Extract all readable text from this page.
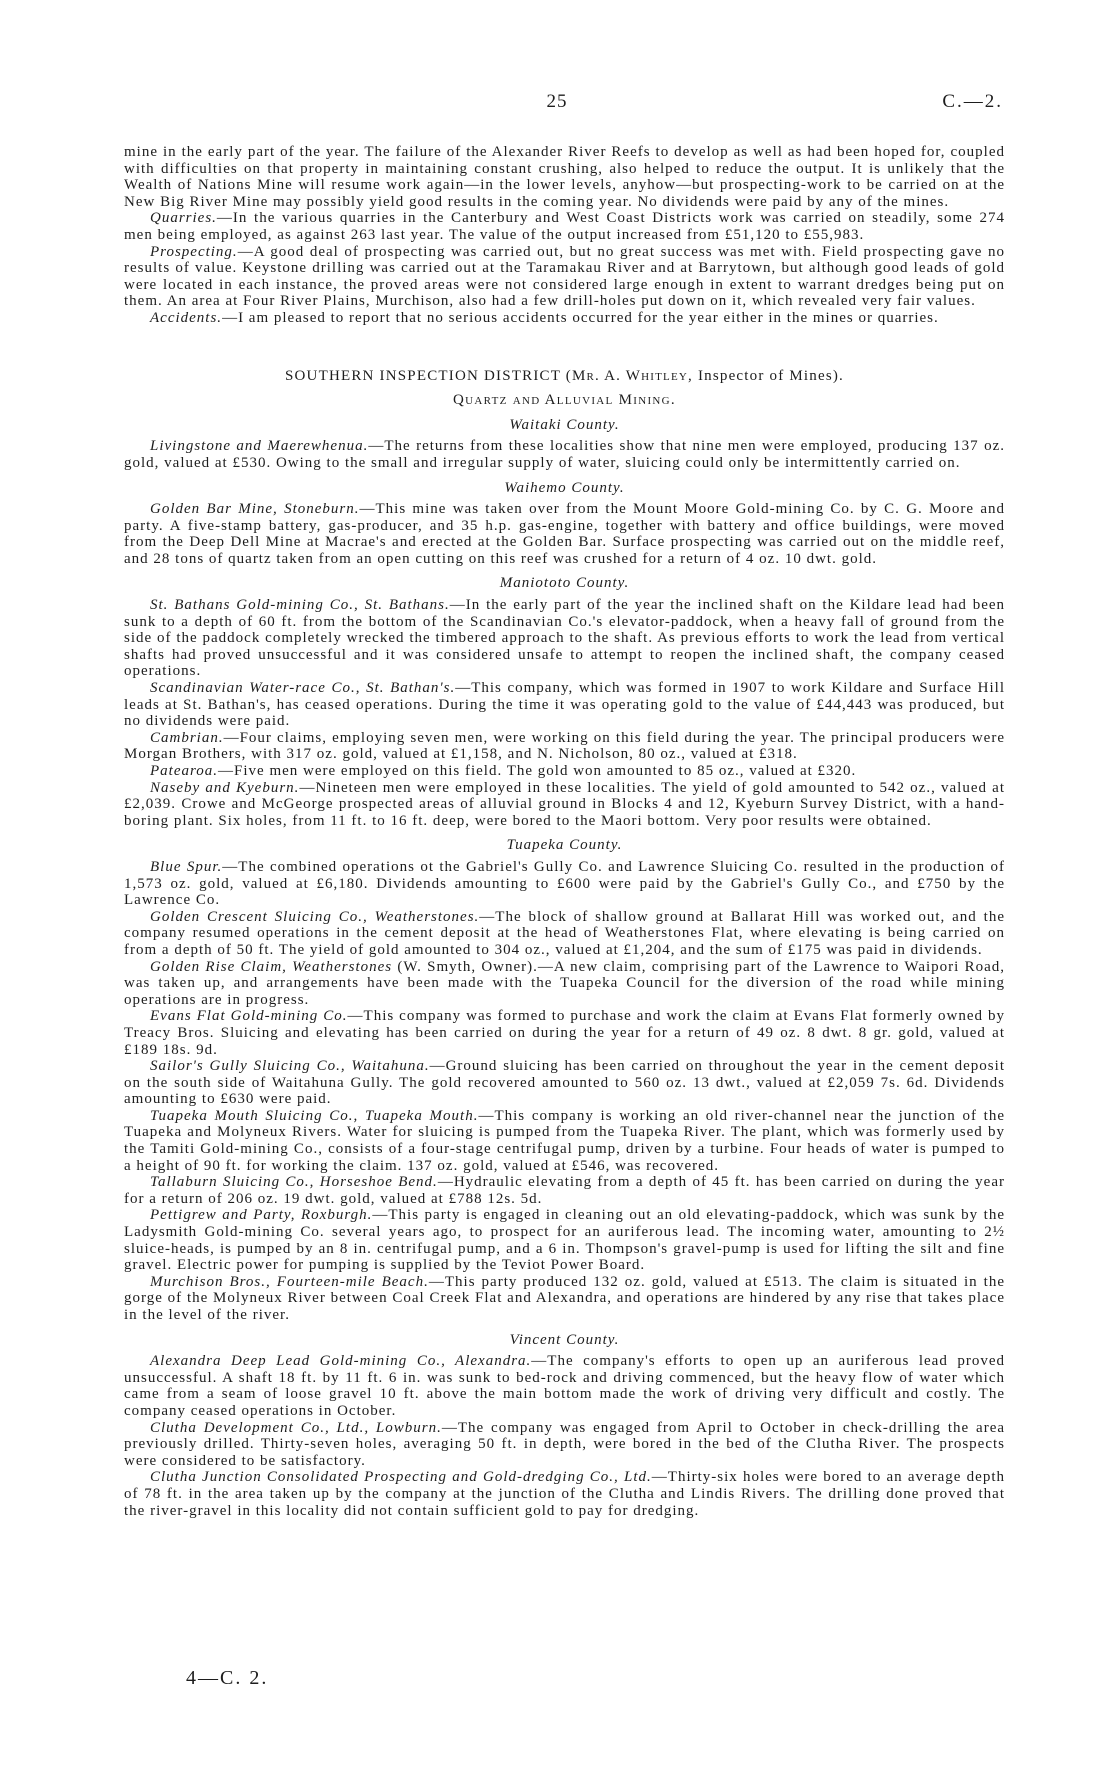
25	C.—2.

mine in the early part of the year. The failure of the Alexander River Reefs to develop as well as had been hoped for, coupled with difficulties on that property in maintaining constant crushing, also helped to reduce the output. It is unlikely that the Wealth of Nations Mine will resume work again—in the lower levels, anyhow—but prospecting-work to be carried on at the New Big River Mine may possibly yield good results in the coming year. No dividends were paid by any of the mines.

Quarries.—In the various quarries in the Canterbury and West Coast Districts work was carried on steadily, some 274 men being employed, as against 263 last year. The value of the output increased from £51,120 to £55,983.

Prospecting.—A good deal of prospecting was carried out, but no great success was met with. Field prospecting gave no results of value. Keystone drilling was carried out at the Taramakau River and at Barrytown, but although good leads of gold were located in each instance, the proved areas were not considered large enough in extent to warrant dredges being put on them. An area at Four River Plains, Murchison, also had a few drill-holes put down on it, which revealed very fair values.

Accidents.—I am pleased to report that no serious accidents occurred for the year either in the mines or quarries.

SOUTHERN INSPECTION DISTRICT (Mr. A. Whitley, Inspector of Mines).
Quartz and Alluvial Mining.
Waitaki County.

Livingstone and Maerewhenua.—The returns from these localities show that nine men were employed, producing 137 oz. gold, valued at £530. Owing to the small and irregular supply of water, sluicing could only be intermittently carried on.

Waihemo County.

Golden Bar Mine, Stoneburn.—This mine was taken over from the Mount Moore Gold-mining Co. by C. G. Moore and party. A five-stamp battery, gas-producer, and 35 h.p. gas-engine, together with battery and office buildings, were moved from the Deep Dell Mine at Macrae's and erected at the Golden Bar. Surface prospecting was carried out on the middle reef, and 28 tons of quartz taken from an open cutting on this reef was crushed for a return of 4 oz. 10 dwt. gold.

Maniototo County.

St. Bathans Gold-mining Co., St. Bathans.—In the early part of the year the inclined shaft on the Kildare lead had been sunk to a depth of 60 ft. from the bottom of the Scandinavian Co.'s elevator-paddock, when a heavy fall of ground from the side of the paddock completely wrecked the timbered approach to the shaft. As previous efforts to work the lead from vertical shafts had proved unsuccessful and it was considered unsafe to attempt to reopen the inclined shaft, the company ceased operations.

Scandinavian Water-race Co., St. Bathan's.—This company, which was formed in 1907 to work Kildare and Surface Hill leads at St. Bathan's, has ceased operations. During the time it was operating gold to the value of £44,443 was produced, but no dividends were paid.

Cambrian.—Four claims, employing seven men, were working on this field during the year. The principal producers were Morgan Brothers, with 317 oz. gold, valued at £1,158, and N. Nicholson, 80 oz., valued at £318.

Patearoa.—Five men were employed on this field. The gold won amounted to 85 oz., valued at £320.

Naseby and Kyeburn.—Nineteen men were employed in these localities. The yield of gold amounted to 542 oz., valued at £2,039. Crowe and McGeorge prospected areas of alluvial ground in Blocks 4 and 12, Kyeburn Survey District, with a hand-boring plant. Six holes, from 11 ft. to 16 ft. deep, were bored to the Maori bottom. Very poor results were obtained.

Tuapeka County.

Blue Spur.—The combined operations ot the Gabriel's Gully Co. and Lawrence Sluicing Co. resulted in the production of 1,573 oz. gold, valued at £6,180. Dividends amounting to £600 were paid by the Gabriel's Gully Co., and £750 by the Lawrence Co.

Golden Crescent Sluicing Co., Weatherstones.—The block of shallow ground at Ballarat Hill was worked out, and the company resumed operations in the cement deposit at the head of Weatherstones Flat, where elevating is being carried on from a depth of 50 ft. The yield of gold amounted to 304 oz., valued at £1,204, and the sum of £175 was paid in dividends.

Golden Rise Claim, Weatherstones (W. Smyth, Owner).—A new claim, comprising part of the Lawrence to Waipori Road, was taken up, and arrangements have been made with the Tuapeka Council for the diversion of the road while mining operations are in progress.

Evans Flat Gold-mining Co.—This company was formed to purchase and work the claim at Evans Flat formerly owned by Treacy Bros. Sluicing and elevating has been carried on during the year for a return of 49 oz. 8 dwt. 8 gr. gold, valued at £189 18s. 9d.

Sailor's Gully Sluicing Co., Waitahuna.—Ground sluicing has been carried on throughout the year in the cement deposit on the south side of Waitahuna Gully. The gold recovered amounted to 560 oz. 13 dwt., valued at £2,059 7s. 6d. Dividends amounting to £630 were paid.

Tuapeka Mouth Sluicing Co., Tuapeka Mouth.—This company is working an old river-channel near the junction of the Tuapeka and Molyneux Rivers. Water for sluicing is pumped from the Tuapeka River. The plant, which was formerly used by the Tamiti Gold-mining Co., consists of a four-stage centrifugal pump, driven by a turbine. Four heads of water is pumped to a height of 90 ft. for working the claim. 137 oz. gold, valued at £546, was recovered.

Tallaburn Sluicing Co., Horseshoe Bend.—Hydraulic elevating from a depth of 45 ft. has been carried on during the year for a return of 206 oz. 19 dwt. gold, valued at £788 12s. 5d.

Pettigrew and Party, Roxburgh.—This party is engaged in cleaning out an old elevating-paddock, which was sunk by the Ladysmith Gold-mining Co. several years ago, to prospect for an auriferous lead. The incoming water, amounting to 2½ sluice-heads, is pumped by an 8 in. centrifugal pump, and a 6 in. Thompson's gravel-pump is used for lifting the silt and fine gravel. Electric power for pumping is supplied by the Teviot Power Board.

Murchison Bros., Fourteen-mile Beach.—This party produced 132 oz. gold, valued at £513. The claim is situated in the gorge of the Molyneux River between Coal Creek Flat and Alexandra, and operations are hindered by any rise that takes place in the level of the river.

Vincent County.

Alexandra Deep Lead Gold-mining Co., Alexandra.—The company's efforts to open up an auriferous lead proved unsuccessful. A shaft 18 ft. by 11 ft. 6 in. was sunk to bed-rock and driving commenced, but the heavy flow of water which came from a seam of loose gravel 10 ft. above the main bottom made the work of driving very difficult and costly. The company ceased operations in October.

Clutha Development Co., Ltd., Lowburn.—The company was engaged from April to October in check-drilling the area previously drilled. Thirty-seven holes, averaging 50 ft. in depth, were bored in the bed of the Clutha River. The prospects were considered to be satisfactory.

Clutha Junction Consolidated Prospecting and Gold-dredging Co., Ltd.—Thirty-six holes were bored to an average depth of 78 ft. in the area taken up by the company at the junction of the Clutha and Lindis Rivers. The drilling done proved that the river-gravel in this locality did not contain sufficient gold to pay for dredging.

4—C. 2.
